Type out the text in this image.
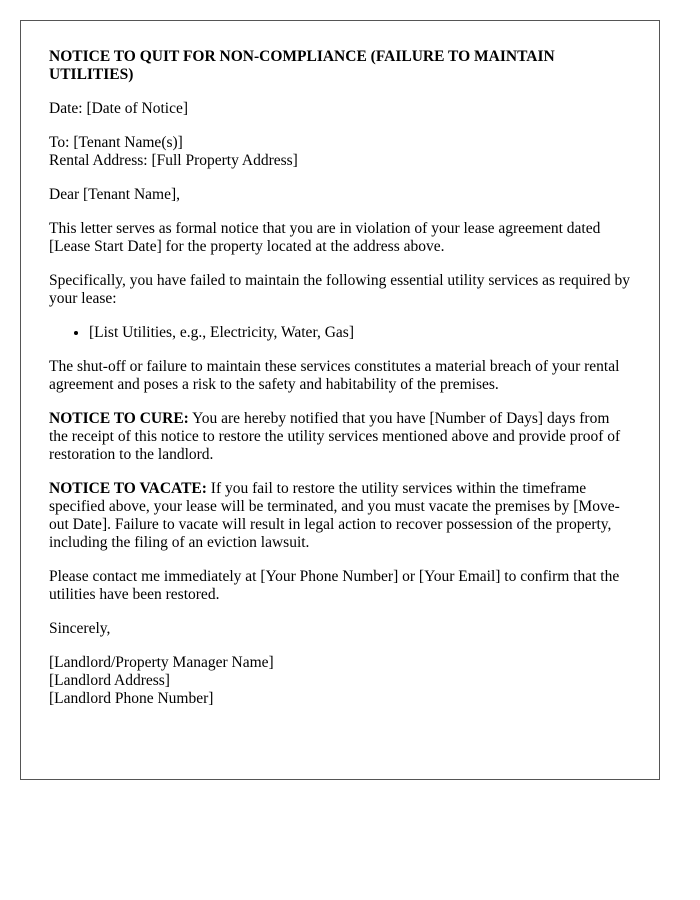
NOTICE TO QUIT FOR NON-COMPLIANCE (FAILURE TO MAINTAIN UTILITIES)

Date: [Date of Notice]

To: [Tenant Name(s)]
Rental Address: [Full Property Address]

Dear [Tenant Name],

This letter serves as formal notice that you are in violation of your lease agreement dated [Lease Start Date] for the property located at the address above.

Specifically, you have failed to maintain the following essential utility services as required by your lease:

• [List Utilities, e.g., Electricity, Water, Gas]

The shut-off or failure to maintain these services constitutes a material breach of your rental agreement and poses a risk to the safety and habitability of the premises.

NOTICE TO CURE: You are hereby notified that you have [Number of Days] days from the receipt of this notice to restore the utility services mentioned above and provide proof of restoration to the landlord.

NOTICE TO VACATE: If you fail to restore the utility services within the timeframe specified above, your lease will be terminated, and you must vacate the premises by [Move-out Date]. Failure to vacate will result in legal action to recover possession of the property, including the filing of an eviction lawsuit.

Please contact me immediately at [Your Phone Number] or [Your Email] to confirm that the utilities have been restored.

Sincerely,

[Landlord/Property Manager Name]

[Landlord Address]

[Landlord Phone Number]
